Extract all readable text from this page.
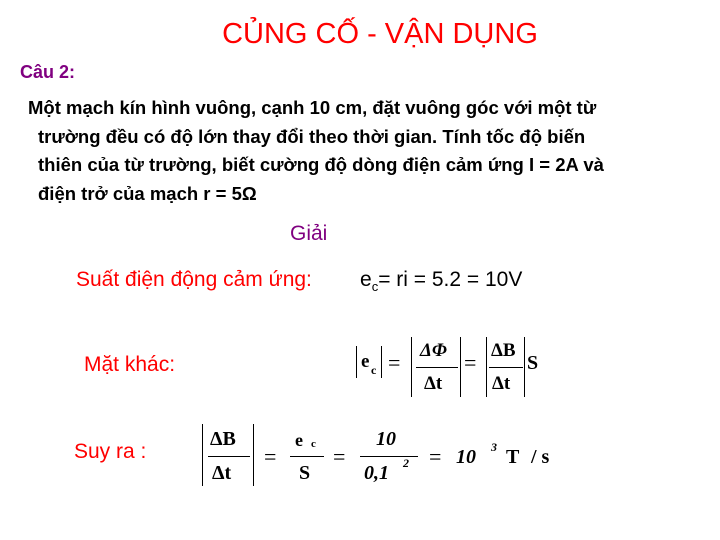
CỦNG CỐ - VẬN DỤNG
Câu 2:
Một mạch kín hình vuông, cạnh 10 cm, đặt vuông góc với một từ
trường đều có độ lớn thay đổi theo thời gian. Tính tốc độ biến
thiên của từ trường, biết cường độ dòng điện cảm ứng I = 2A và
điện trở của mạch r = 5Ω
Giải
Suất điện động cảm ứng: $e_c=$ ri = 5.2 = 10V
Mặt khác:	e c = ΔΦ
Δt
= ΔB
Δt
S
Suy ra :
ΔB
Δt
=
e c
S
=
10
0,1 2 = 10 3 T / s
